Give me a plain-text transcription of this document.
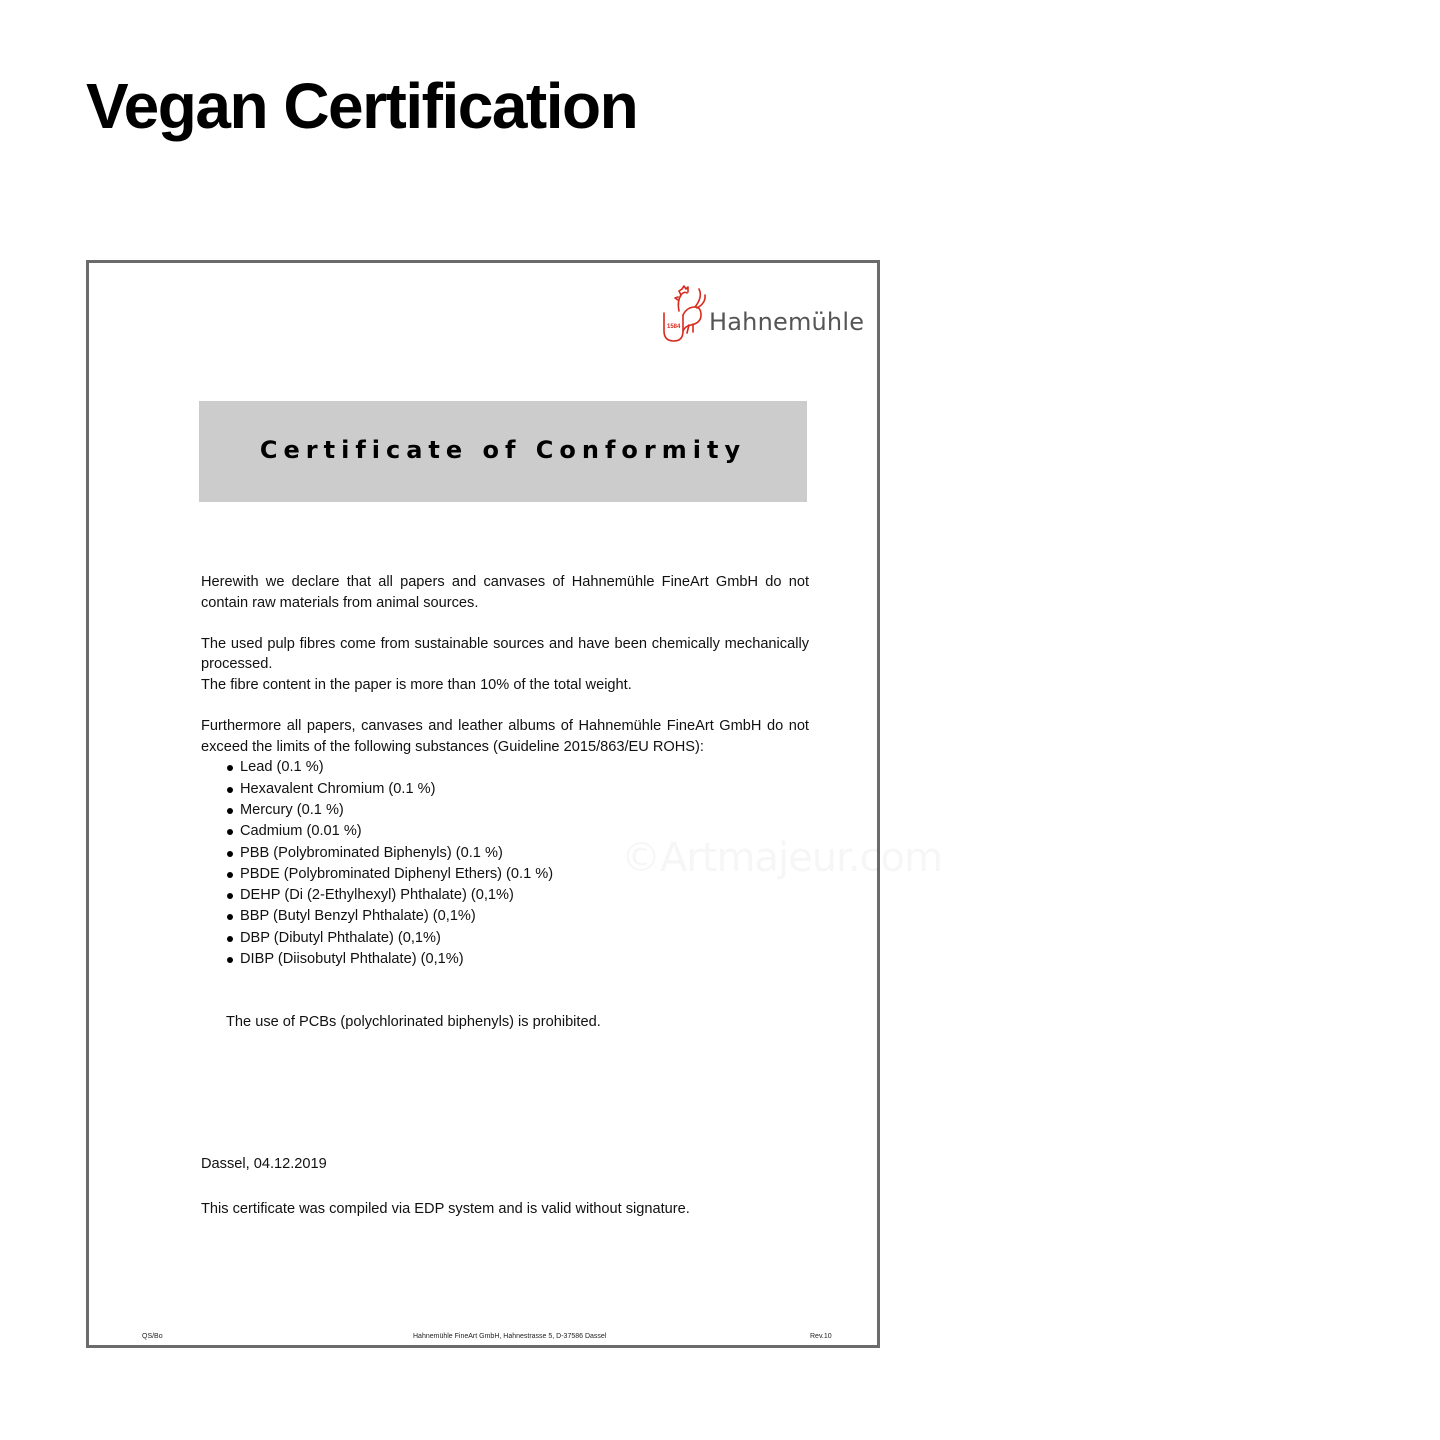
Vegan Certification
1584 Hahnemühle
Certificate of Conformity

Herewith we declare that all papers and canvases of Hahnemühle FineArt GmbH do not contain raw materials from animal sources.

The used pulp fibres come from sustainable sources and have been chemically mechanically processed.

The fibre content in the paper is more than 10% of the total weight.

Furthermore all papers, canvases and leather albums of Hahnemühle FineArt GmbH do not exceed the limits of the following substances (Guideline 2015/863/EU ROHS):

Lead (0.1 %)
Hexavalent Chromium (0.1 %)
Mercury (0.1 %)
Cadmium (0.01 %)
PBB (Polybrominated Biphenyls) (0.1 %)
PBDE (Polybrominated Diphenyl Ethers) (0.1 %)
DEHP (Di (2-Ethylhexyl) Phthalate) (0,1%)
BBP (Butyl Benzyl Phthalate) (0,1%)
DBP (Dibutyl Phthalate) (0,1%)
DIBP (Diisobutyl Phthalate) (0,1%)
The use of PCBs (polychlorinated biphenyls) is prohibited.
Dassel, 04.12.2019
This certificate was compiled via EDP system and is valid without signature.
QS/Bo	Hahnemühle FineArt GmbH, Hahnestrasse 5, D-37586 Dassel	Rev.10
